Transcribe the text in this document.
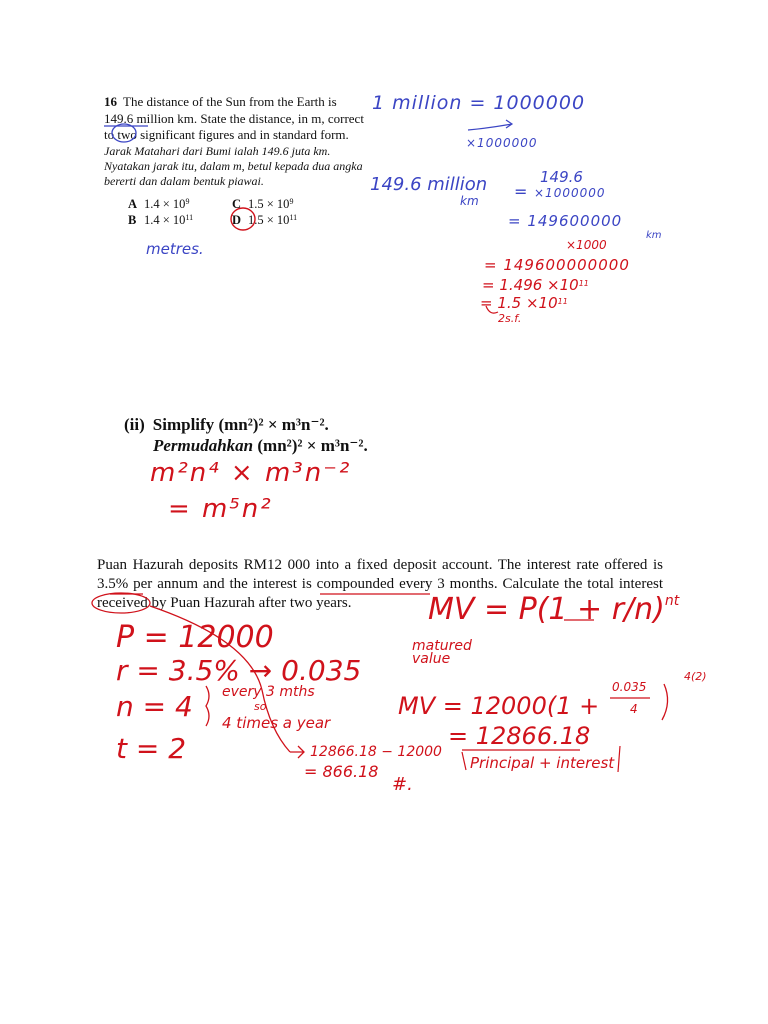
16 The distance of the Sun from the Earth is 149.6 million km. State the distance, in m, correct to two significant figures and in standard form.
Jarak Matahari dari Bumi ialah 149.6 juta km. Nyatakan jarak itu, dalam m, betul kepada dua angka bererti dan dalam bentuk piawai.
A $1.4 \times 10^9$
B $1.4 \times 10^{11}$
C $1.5 \times 10^9$
D $1.5 \times 10^{11}$
metres.
1 million = 1000000
×1000000
149.6 million
km =
149.6
×1000000
= 149600000
km
×1000
= 149600000000
= $1.496 \times 10^{11}$
= $1.5 \times 10^{11}$
2s.f.
(ii) Simplify (mn²)² × m³n⁻².
Permudahkan (mn²)² × m³n⁻².
m²n⁴ × m³n⁻²
= m⁵n²
Puan Hazurah deposits RM12 000 into a fixed deposit account. The interest rate offered is 3.5% per annum and the interest is compounded every 3 months. Calculate the total interest received by Puan Hazurah after two years.	MV = $P(1 + r/n)^{nt}$
matured value
P = 12000
r = 3.5% → 0.035
n = 4 every 3 mths
so
4 times a year
t = 2
MV = 12000(1 +
0.035
4
4(2)
= 12866.18
Principal + interest
12866.18 − 12000
= 866.18
#.
